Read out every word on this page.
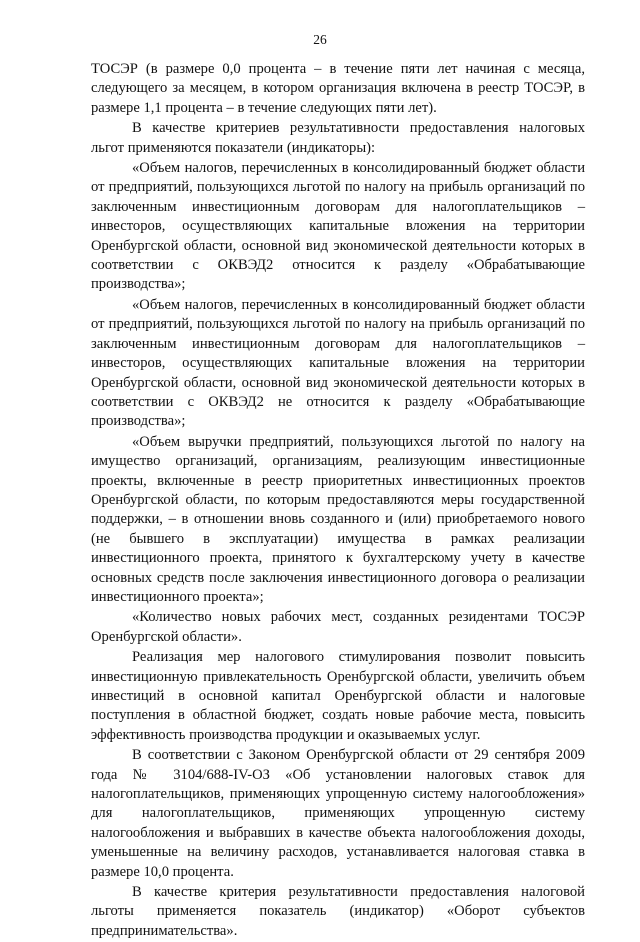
26

ТОСЭР (в размере 0,0 процента – в течение пяти лет начиная с месяца, следующего за месяцем, в котором организация включена в реестр ТОСЭР, в размере 1,1 процента – в течение следующих пяти лет).

В качестве критериев результативности предоставления налоговых льгот применяются показатели (индикаторы):

«Объем налогов, перечисленных в консолидированный бюджет области от предприятий, пользующихся льготой по налогу на прибыль организаций по заключенным инвестиционным договорам для налогоплательщиков – инвесторов, осуществляющих капитальные вложения на территории Оренбургской области, основной вид экономической деятельности которых в соответствии с ОКВЭД2 относится к разделу «Обрабатывающие производства»;

«Объем налогов, перечисленных в консолидированный бюджет области от предприятий, пользующихся льготой по налогу на прибыль организаций по заключенным инвестиционным договорам для налогоплательщиков – инвесторов, осуществляющих капитальные вложения на территории Оренбургской области, основной вид экономической деятельности которых в соответствии с ОКВЭД2 не относится к разделу «Обрабатывающие производства»;

«Объем выручки предприятий, пользующихся льготой по налогу на имущество организаций, организациям, реализующим инвестиционные проекты, включенные в реестр приоритетных инвестиционных проектов Оренбургской области, по которым предоставляются меры государственной поддержки, – в отношении вновь созданного и (или) приобретаемого нового (не бывшего в эксплуатации) имущества в рамках реализации инвестиционного проекта, принятого к бухгалтерскому учету в качестве основных средств после заключения инвестиционного договора о реализации инвестиционного проекта»;

«Количество новых рабочих мест, созданных резидентами ТОСЭР Оренбургской области».

Реализация мер налогового стимулирования позволит повысить инвестиционную привлекательность Оренбургской области, увеличить объем инвестиций в основной капитал Оренбургской области и налоговые поступления в областной бюджет, создать новые рабочие места, повысить эффективность производства продукции и оказываемых услуг.

В соответствии с Законом Оренбургской области от 29 сентября 2009 года № 3104/688-IV-ОЗ «Об установлении налоговых ставок для налогоплательщиков, применяющих упрощенную систему налогообложения» для налогоплательщиков, применяющих упрощенную систему налогообложения и выбравших в качестве объекта налогообложения доходы, уменьшенные на величину расходов, устанавливается налоговая ставка в размере 10,0 процента.

В качестве критерия результативности предоставления налоговой льготы применяется показатель (индикатор) «Оборот субъектов предпринимательства».
